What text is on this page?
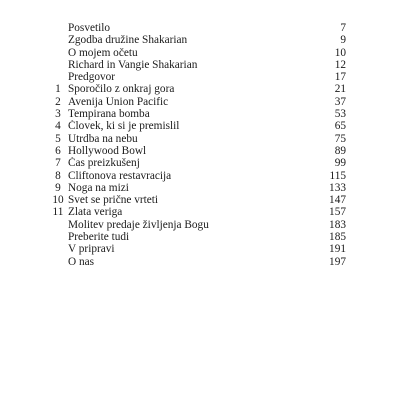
Posvetilo	7
Zgodba družine Shakarian	9
O mojem očetu	10
Richard in Vangie Shakarian	12
Predgovor	17
1 Sporočilo z onkraj gora	21
2 Avenija Union Pacific	37
3 Tempirana bomba	53
4 Človek, ki si je premislil	65
5 Utrdba na nebu	75
6 Hollywood Bowl	89
7 Čas preizkušenj	99
8 Cliftonova restavracija	115
9 Noga na mizi	133
10 Svet se prične vrteti	147
11 Zlata veriga	157
Molitev predaje življenja Bogu	183
Preberite tudi	185
V pripravi	191
O nas	197
